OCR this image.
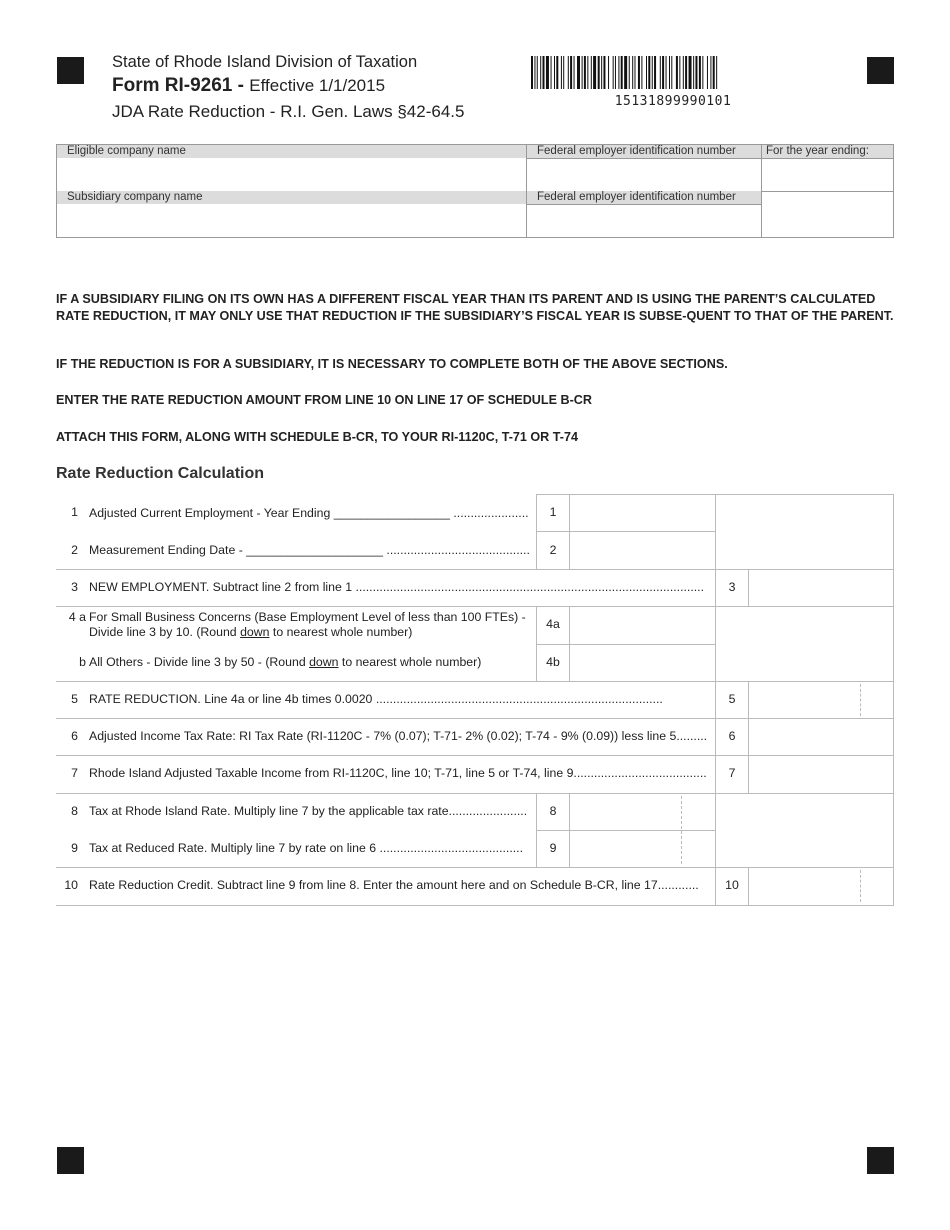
State of Rhode Island Division of Taxation
Form RI-9261 - Effective 1/1/2015
JDA Rate Reduction - R.I. Gen. Laws §42-64.5
15131899990101
Eligible company name	Federal employer identification number	For the year ending:
Subsidiary company name	Federal employer identification number
IF A SUBSIDIARY FILING ON ITS OWN HAS A DIFFERENT FISCAL YEAR THAN ITS PARENT AND IS USING THE PARENT’S CALCULATED RATE REDUCTION, IT MAY ONLY USE THAT REDUCTION IF THE SUBSIDIARY’S FISCAL YEAR IS SUBSE-QUENT TO THAT OF THE PARENT.
IF THE REDUCTION IS FOR A SUBSIDIARY, IT IS NECESSARY TO COMPLETE BOTH OF THE ABOVE SECTIONS.
ENTER THE RATE REDUCTION AMOUNT FROM LINE 10 ON LINE 17 OF SCHEDULE B-CR
ATTACH THIS FORM, ALONG WITH SCHEDULE B-CR, TO YOUR RI-1120C, T-71 OR T-74
Rate Reduction Calculation
1 Adjusted Current Employment - Year Ending _________________ ......................	1
2 Measurement Ending Date - ____________________ ..........................................	2
3 NEW EMPLOYMENT. Subtract line 2 from line 1 ......................................................................................................	3
4 a For Small Business Concerns (Base Employment Level of less than 100 FTEs) -
Divide line 3 by 10. (Round down to nearest whole number)
4a
b All Others - Divide line 3 by 50 - (Round down to nearest whole number)	4b
5 RATE REDUCTION. Line 4a or line 4b times 0.0020 ....................................................................................	5
6 Adjusted Income Tax Rate: RI Tax Rate (RI-1120C - 7% (0.07); T-71- 2% (0.02); T-74 - 9% (0.09)) less line 5.........	6
7 Rhode Island Adjusted Taxable Income from RI-1120C, line 10; T-71, line 5 or T-74, line 9.......................................	7
8 Tax at Rhode Island Rate. Multiply line 7 by the applicable tax rate.......................	8
9 Tax at Reduced Rate. Multiply line 7 by rate on line 6 ..........................................	9
10 Rate Reduction Credit. Subtract line 9 from line 8. Enter the amount here and on Schedule B-CR, line 17............	10
